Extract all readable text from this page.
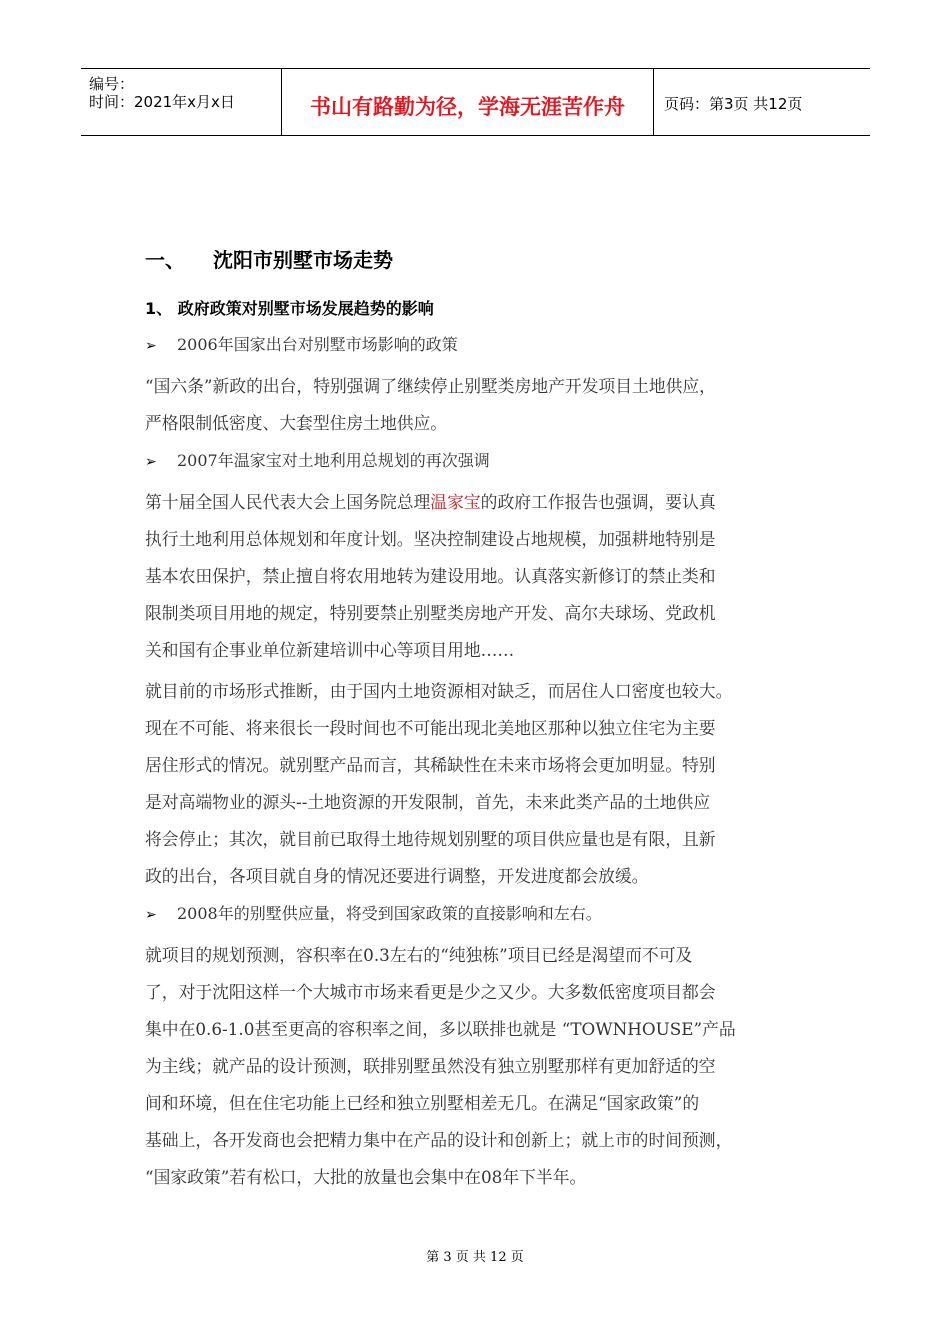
编号：
时间：2021年x月x日	书山有路勤为径，学海无涯苦作舟	页码：第3页 共12页
一、 沈阳市别墅市场走势
1、 政府政策对别墅市场发展趋势的影响
➢ 2006年国家出台对别墅市场影响的政策
“国六条”新政的出台，特别强调了继续停止别墅类房地产开发项目土地供应，
严格限制低密度、大套型住房土地供应。
➢ 2007年温家宝对土地利用总规划的再次强调
第十届全国人民代表大会上国务院总理温家宝的政府工作报告也强调，要认真
执行土地利用总体规划和年度计划。坚决控制建设占地规模，加强耕地特别是
基本农田保护，禁止擅自将农用地转为建设用地。认真落实新修订的禁止类和
限制类项目用地的规定，特别要禁止别墅类房地产开发、高尔夫球场、党政机
关和国有企事业单位新建培训中心等项目用地……
就目前的市场形式推断，由于国内土地资源相对缺乏，而居住人口密度也较大。
现在不可能、将来很长一段时间也不可能出现北美地区那种以独立住宅为主要
居住形式的情况。就别墅产品而言，其稀缺性在未来市场将会更加明显。特别
是对高端物业的源头--土地资源的开发限制，首先，未来此类产品的土地供应
将会停止；其次，就目前已取得土地待规划别墅的项目供应量也是有限，且新
政的出台，各项目就自身的情况还要进行调整，开发进度都会放缓。
➢ 2008年的别墅供应量，将受到国家政策的直接影响和左右。
就项目的规划预测，容积率在0.3左右的“纯独栋”项目已经是渴望而不可及
了，对于沈阳这样一个大城市市场来看更是少之又少。大多数低密度项目都会
集中在0.6-1.0甚至更高的容积率之间，多以联排也就是 “TOWNHOUSE”产品
为主线；就产品的设计预测，联排别墅虽然没有独立别墅那样有更加舒适的空
间和环境，但在住宅功能上已经和独立别墅相差无几。在满足“国家政策”的
基础上，各开发商也会把精力集中在产品的设计和创新上；就上市的时间预测，
“国家政策”若有松口，大批的放量也会集中在08年下半年。
第 3 页 共 12 页
